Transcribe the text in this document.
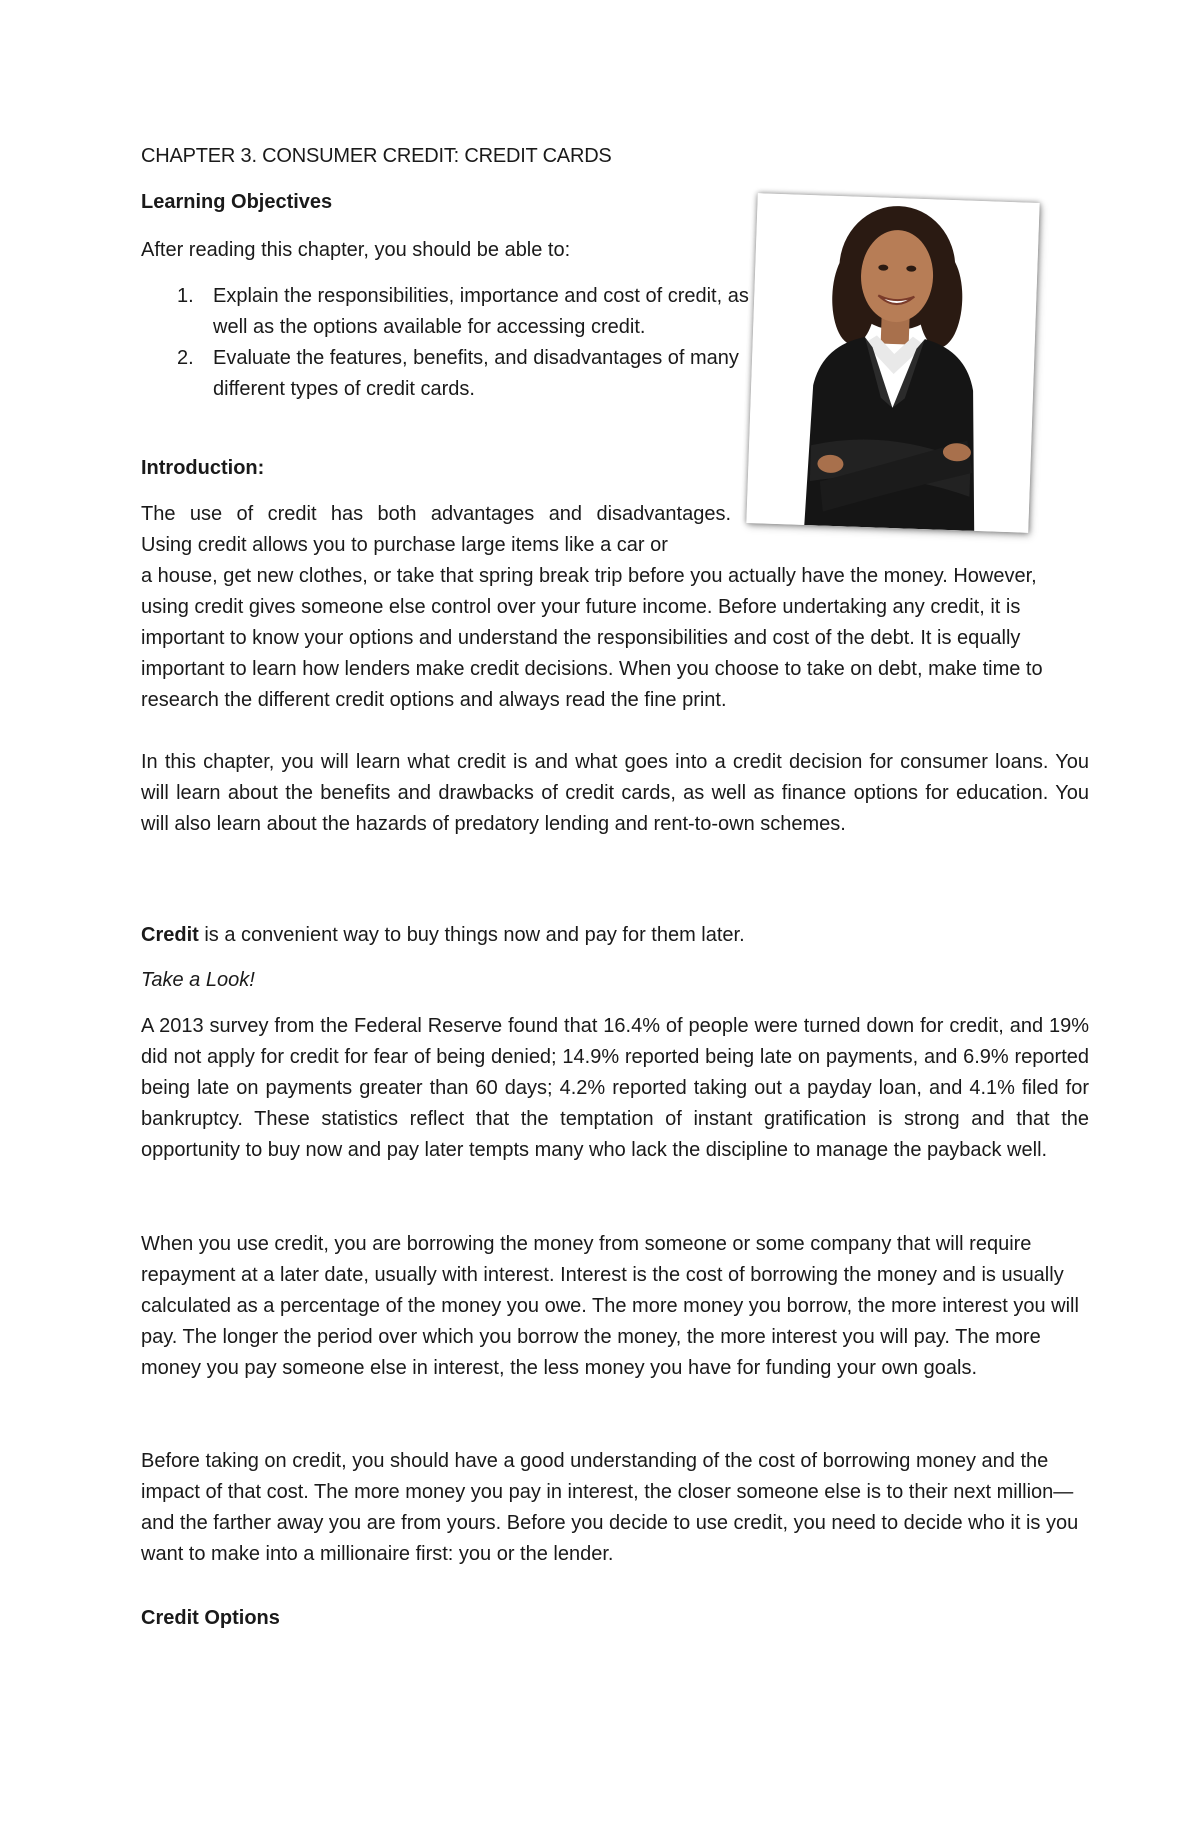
CHAPTER 3. CONSUMER CREDIT: CREDIT CARDS
Learning Objectives
After reading this chapter, you should be able to:
1. Explain the responsibilities, importance and cost of credit, as well as the options available for accessing credit.
2. Evaluate the features, benefits, and disadvantages of many different types of credit cards.
Introduction:
The use of credit has both advantages and disadvantages.
Using credit allows you to purchase large items like a car or

a house, get new clothes, or take that spring break trip before you actually have the money. However, using credit gives someone else control over your future income. Before undertaking any credit, it is important to know your options and understand the responsibilities and cost of the debt. It is equally important to learn how lenders make credit decisions. When you choose to take on debt, make time to research the different credit options and always read the fine print.

In this chapter, you will learn what credit is and what goes into a credit decision for consumer loans. You will learn about the benefits and drawbacks of credit cards, as well as finance options for education. You will also learn about the hazards of predatory lending and rent-to-own schemes.

Credit is a convenient way to buy things now and pay for them later.

Take a Look!

A 2013 survey from the Federal Reserve found that 16.4% of people were turned down for credit, and 19% did not apply for credit for fear of being denied; 14.9% reported being late on payments, and 6.9% reported being late on payments greater than 60 days; 4.2% reported taking out a payday loan, and 4.1% filed for bankruptcy. These statistics reflect that the temptation of instant gratification is strong and that the opportunity to buy now and pay later tempts many who lack the discipline to manage the payback well.

When you use credit, you are borrowing the money from someone or some company that will require repayment at a later date, usually with interest. Interest is the cost of borrowing the money and is usually calculated as a percentage of the money you owe. The more money you borrow, the more interest you will pay. The longer the period over which you borrow the money, the more interest you will pay. The more money you pay someone else in interest, the less money you have for funding your own goals.

Before taking on credit, you should have a good understanding of the cost of borrowing money and the impact of that cost. The more money you pay in interest, the closer someone else is to their next million—and the farther away you are from yours. Before you decide to use credit, you need to decide who it is you want to make into a millionaire first: you or the lender.

Credit Options
